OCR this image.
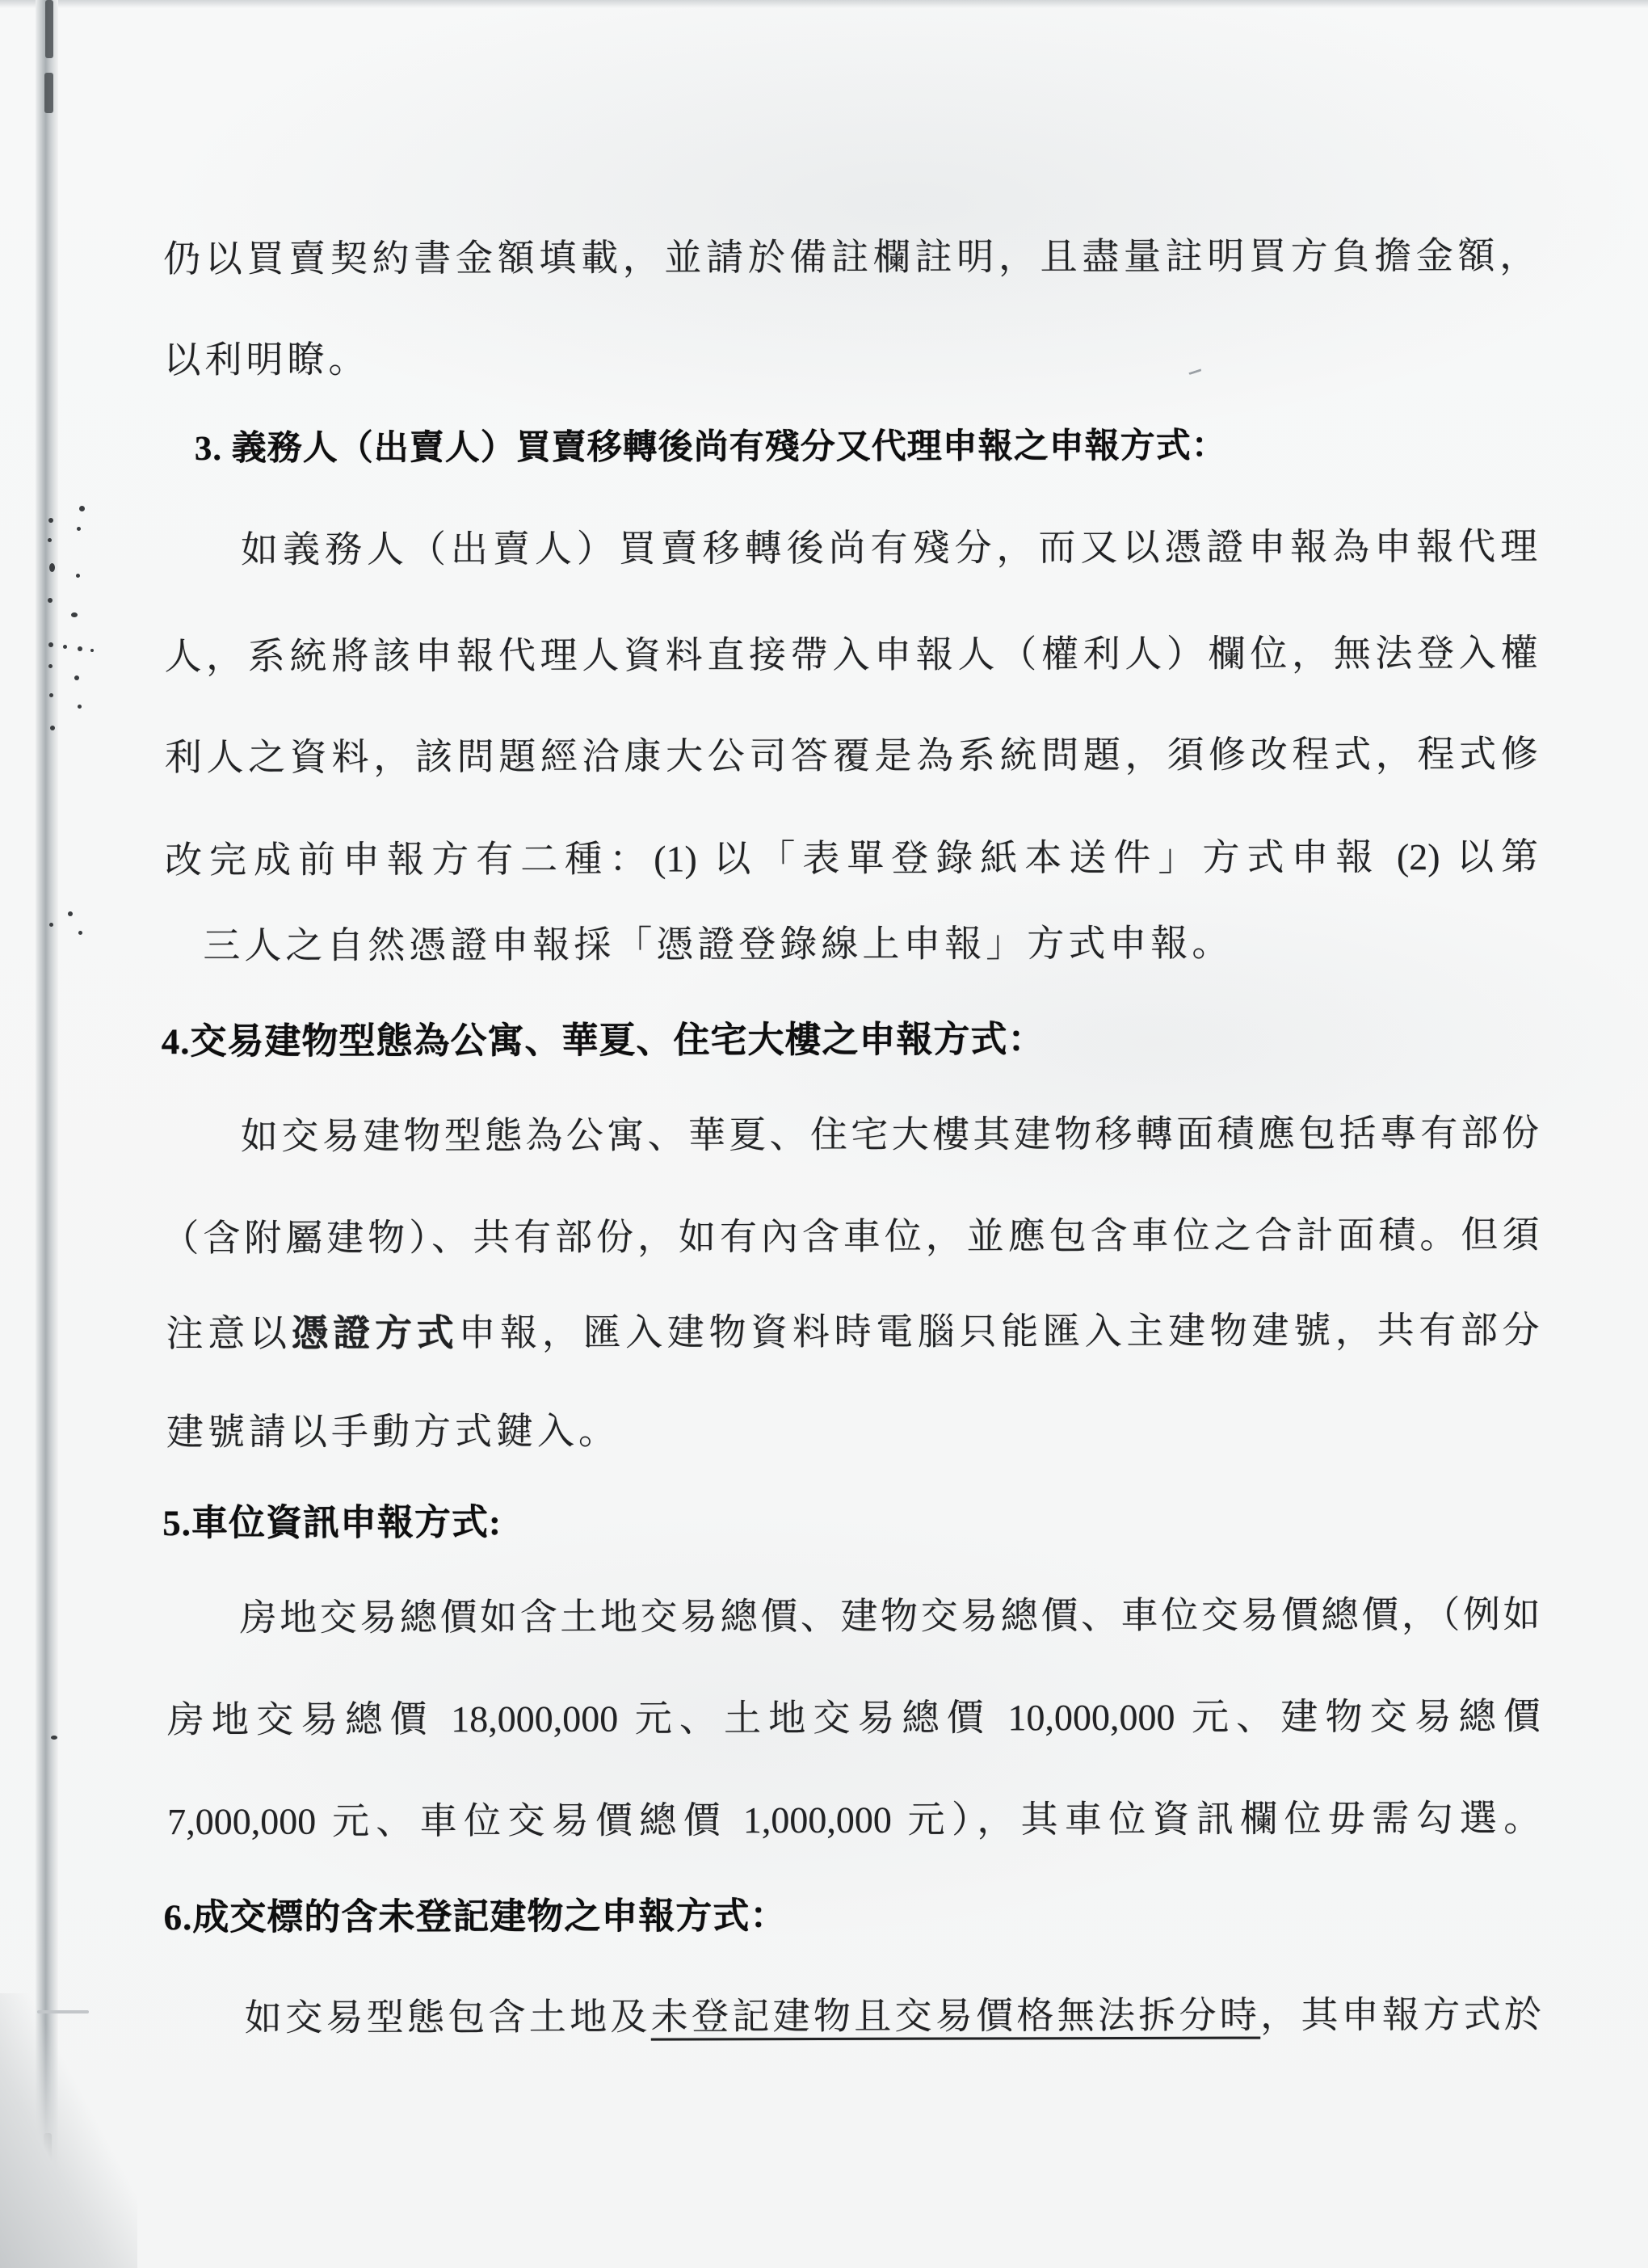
仍以買賣契約書金額填載，並請於備註欄註明，且盡量註明買方負擔金額，
以利明瞭。
3. 義務人（出賣人）買賣移轉後尚有殘分又代理申報之申報方式：
如義務人（出賣人）買賣移轉後尚有殘分，而又以憑證申報為申報代理
人，系統將該申報代理人資料直接帶入申報人（權利人）欄位，無法登入權
利人之資料，該問題經洽康大公司答覆是為系統問題，須修改程式，程式修
改完成前申報方有二種：(1) 以「表單登錄紙本送件」方式申報 (2) 以第
三人之自然憑證申報採「憑證登錄線上申報」方式申報。
4.交易建物型態為公寓、華夏、住宅大樓之申報方式：
如交易建物型態為公寓、華夏、住宅大樓其建物移轉面積應包括專有部份
（含附屬建物）、共有部份，如有內含車位，並應包含車位之合計面積。但須
注意以憑證方式申報，匯入建物資料時電腦只能匯入主建物建號，共有部分
建號請以手動方式鍵入。
5.車位資訊申報方式:
房地交易總價如含土地交易總價、建物交易總價、車位交易價總價，（例如
房地交易總價 18,000,000 元、土地交易總價 10,000,000 元、建物交易總價
7,000,000 元、車位交易價總價 1,000,000 元），其車位資訊欄位毋需勾選。
6.成交標的含未登記建物之申報方式：
如交易型態包含土地及未登記建物且交易價格無法拆分時，其申報方式於
